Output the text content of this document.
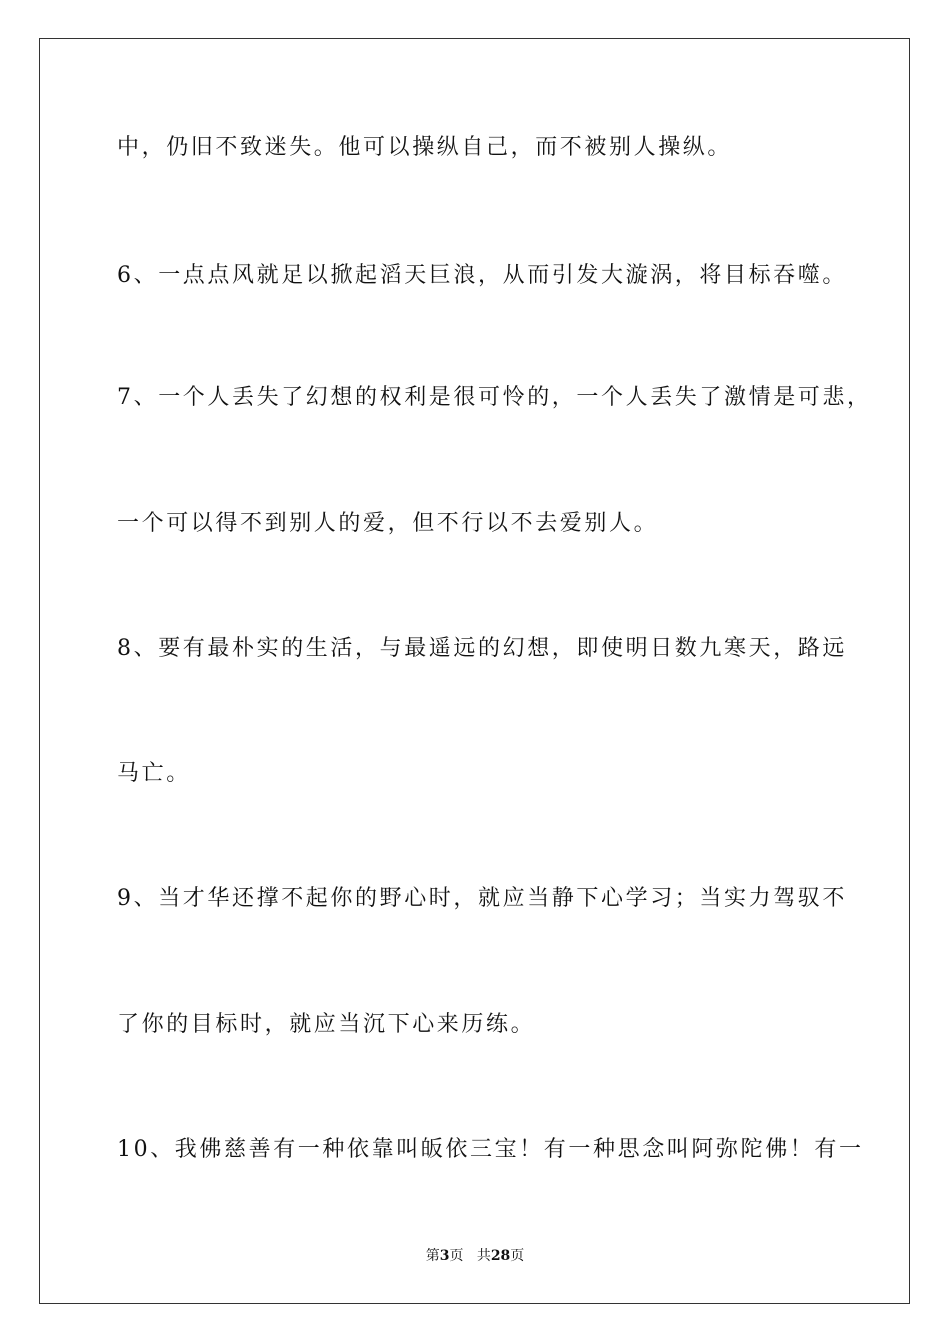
中，仍旧不致迷失。他可以操纵自己，而不被别人操纵。
6、一点点风就足以掀起滔天巨浪，从而引发大漩涡，将目标吞噬。
7、一个人丢失了幻想的权利是很可怜的，一个人丢失了激情是可悲，
一个可以得不到别人的爱，但不行以不去爱别人。
8、要有最朴实的生活，与最遥远的幻想，即使明日数九寒天，路远
马亡。
9、当才华还撑不起你的野心时，就应当静下心学习；当实力驾驭不
了你的目标时，就应当沉下心来历练。
10、我佛慈善有一种依靠叫皈依三宝！有一种思念叫阿弥陀佛！有一
第3页 共28页
